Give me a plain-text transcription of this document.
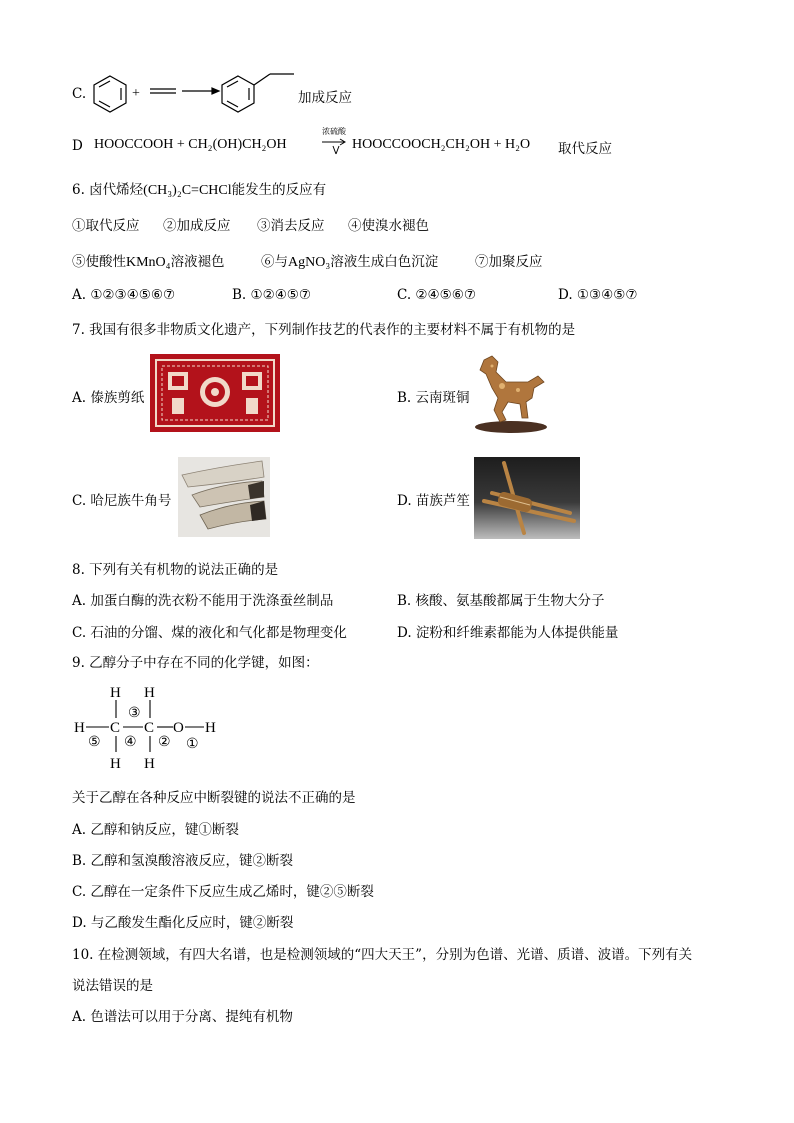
C.	+	加成反应
D HOOCCOOH + CH₂(OH)CH₂OH
浓硫酸
HOOCCOOCH₂CH₂OH + H₂O 取代反应
6. 卤代烯烃(CH₃)₂C=CHCl能发生的反应有
①取代反应 ②加成反应 ③消去反应 ④使溴水褪色
⑤使酸性KMnO₄溶液褪色	⑥与AgNO₃溶液生成白色沉淀	⑦加聚反应
A. ①②③④⑤⑥⑦	B. ①②④⑤⑦	C. ②④⑤⑥⑦	D. ①③④⑤⑦
7. 我国有很多非物质文化遗产，下列制作技艺的代表作的主要材料不属于有机物的是
A. 傣族剪纸	B. 云南斑铜
C. 哈尼族牛角号	D. 苗族芦笙
8. 下列有关有机物的说法正确的是
A. 加蛋白酶的洗衣粉不能用于洗涤蚕丝制品	B. 核酸、氨基酸都属于生物大分子
C. 石油的分馏、煤的液化和气化都是物理变化	D. 淀粉和纤维素都能为人体提供能量
9. 乙醇分子中存在不同的化学键，如图：
H H
H C C O H
H H
③
⑤ ④ ② ①
关于乙醇在各种反应中断裂键的说法不正确的是
A. 乙醇和钠反应，键①断裂
B. 乙醇和氢溴酸溶液反应，键②断裂
C. 乙醇在一定条件下反应生成乙烯时，键②⑤断裂
D. 与乙酸发生酯化反应时，键②断裂
10. 在检测领域，有四大名谱，也是检测领域的“四大天王”，分别为色谱、光谱、质谱、波谱。下列有关
说法错误的是
A. 色谱法可以用于分离、提纯有机物
